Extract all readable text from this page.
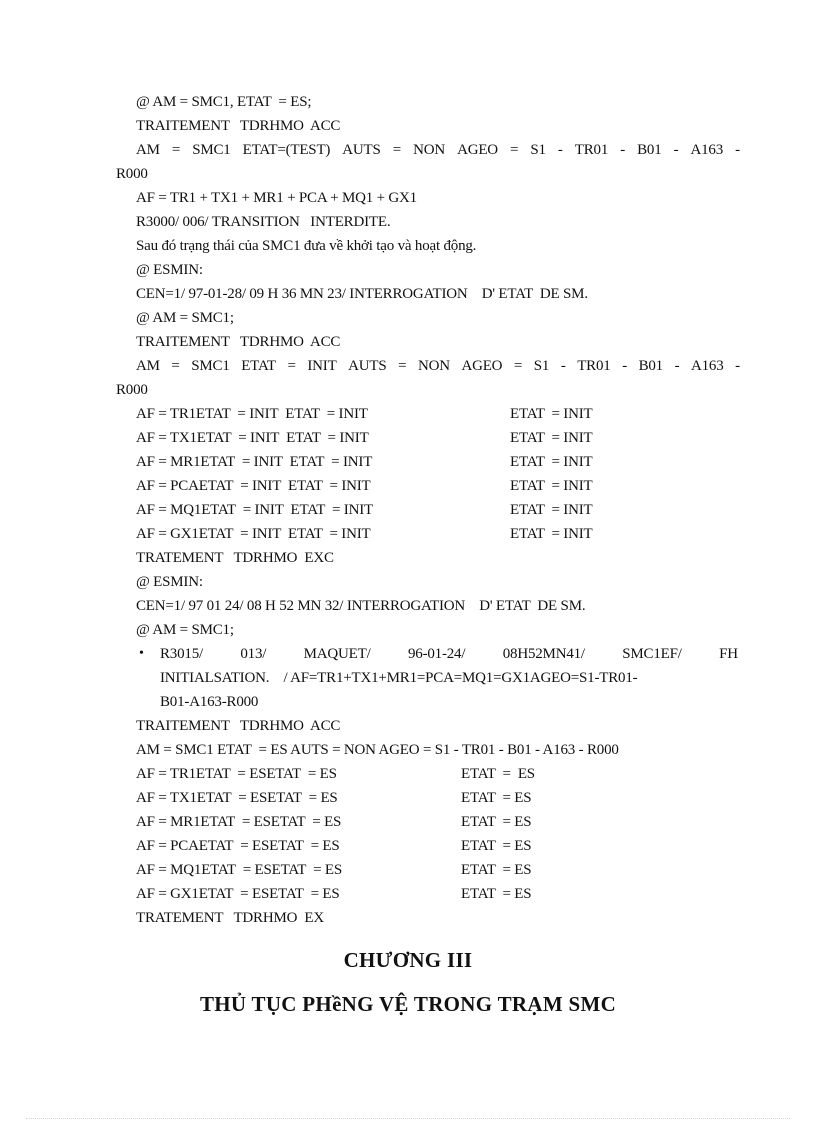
@ AM = SMC1, ETAT  = ES;
TRAITEMENT   TDRHMO  ACC
AM = SMC1 ETAT=(TEST) AUTS = NON AGEO = S1 - TR01 - B01 - A163 -
R000
AF = TR1 + TX1 + MR1 + PCA + MQ1 + GX1
R3000/ 006/ TRANSITION   INTERDITE.
Sau đó trạng thái của SMC1 đưa về khởi tạo và hoạt động.
@ ESMIN:
CEN=1/ 97-01-28/ 09 H 36 MN 23/ INTERROGATION    D' ETAT  DE SM.
@ AM = SMC1;
TRAITEMENT   TDRHMO  ACC
AM = SMC1 ETAT = INIT AUTS = NON AGEO = S1 - TR01 - B01 - A163 -
R000
AF = TR1ETAT  = INIT  ETAT  = INIT	ETAT  = INIT
AF = TX1ETAT  = INIT  ETAT  = INIT	ETAT  = INIT
AF = MR1ETAT  = INIT  ETAT  = INIT	ETAT  = INIT
AF = PCAETAT  = INIT  ETAT  = INIT	ETAT  = INIT
AF = MQ1ETAT  = INIT  ETAT  = INIT	ETAT  = INIT
AF = GX1ETAT  = INIT  ETAT  = INIT	ETAT  = INIT
TRATEMENT   TDRHMO  EXC
@ ESMIN:
CEN=1/ 97 01 24/ 08 H 52 MN 32/ INTERROGATION    D' ETAT  DE SM.
@ AM = SMC1;
• R3015/ 013/ MAQUET/ 96-01-24/ 08H52MN41/ SMC1EF/ FH
INITIALSATION.    / AF=TR1+TX1+MR1=PCA=MQ1=GX1AGEO=S1-TR01-
B01-A163-R000
TRAITEMENT   TDRHMO  ACC
AM = SMC1 ETAT  = ES AUTS = NON AGEO = S1 - TR01 - B01 - A163 - R000
AF = TR1ETAT  = ESETAT  = ES	ETAT  =  ES
AF = TX1ETAT  = ESETAT  = ES	ETAT  = ES
AF = MR1ETAT  = ESETAT  = ES	ETAT  = ES
AF = PCAETAT  = ESETAT  = ES	ETAT  = ES
AF = MQ1ETAT  = ESETAT  = ES	ETAT  = ES
AF = GX1ETAT  = ESETAT  = ES	ETAT  = ES
TRATEMENT   TDRHMO  EX
CHƯƠNG III
THỦ TỤC PHềNG VỆ TRONG TRẠM SMC
